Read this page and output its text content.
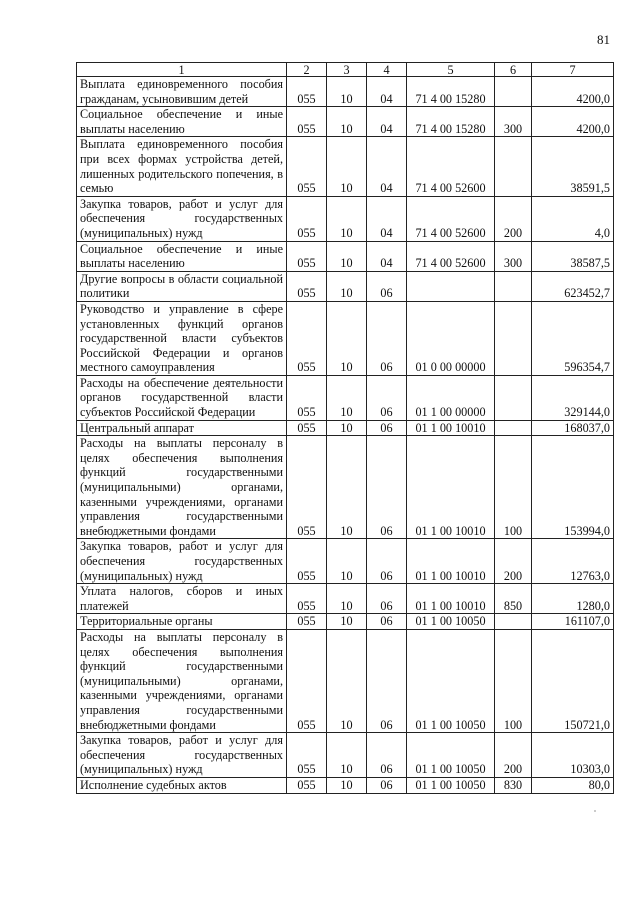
81
1	2	3	4	5	6	7
Выплата единовременного пособия гражданам, усыновившим детей	055	10	04	71 4 00 15280		4200,0
Социальное обеспечение и иные выплаты населению	055	10	04	71 4 00 15280	300	4200,0
Выплата единовременного пособия при всех формах устройства детей, лишенных родительского попечения, в семью	055	10	04	71 4 00 52600		38591,5
Закупка товаров, работ и услуг для обеспечения государственных (муниципальных) нужд	055	10	04	71 4 00 52600	200	4,0
Социальное обеспечение и иные выплаты населению	055	10	04	71 4 00 52600	300	38587,5
Другие вопросы в области социальной политики	055	10	06			623452,7
Руководство и управление в сфере установленных функций органов государственной власти субъектов Российской Федерации и органов местного самоуправления	055	10	06	01 0 00 00000		596354,7
Расходы на обеспечение деятельности органов государственной власти субъектов Российской Федерации	055	10	06	01 1 00 00000		329144,0
Центральный аппарат	055	10	06	01 1 00 10010		168037,0
Расходы на выплаты персоналу в целях обеспечения выполнения функций государственными (муниципальными) органами, казенными учреждениями, органами управления государственными внебюджетными фондами	055	10	06	01 1 00 10010	100	153994,0
Закупка товаров, работ и услуг для обеспечения государственных (муниципальных) нужд	055	10	06	01 1 00 10010	200	12763,0
Уплата налогов, сборов и иных платежей	055	10	06	01 1 00 10010	850	1280,0
Территориальные органы	055	10	06	01 1 00 10050		161107,0
Расходы на выплаты персоналу в целях обеспечения выполнения функций государственными (муниципальными) органами, казенными учреждениями, органами управления государственными внебюджетными фондами	055	10	06	01 1 00 10050	100	150721,0
Закупка товаров, работ и услуг для обеспечения государственных (муниципальных) нужд	055	10	06	01 1 00 10050	200	10303,0
Исполнение судебных актов	055	10	06	01 1 00 10050	830	80,0
